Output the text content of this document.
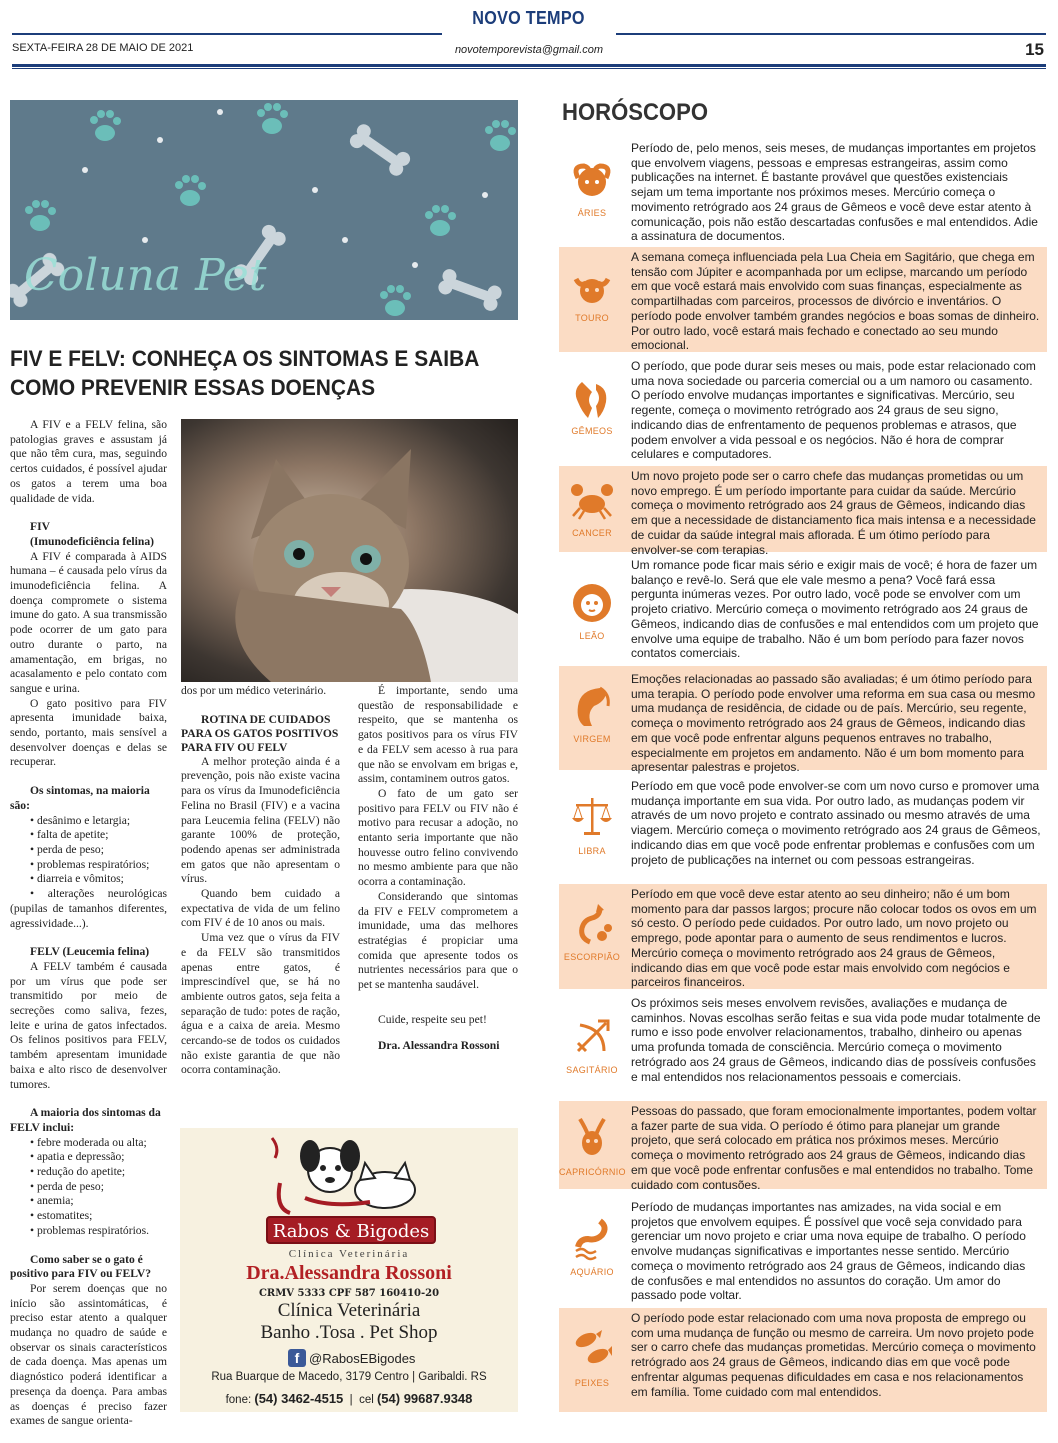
NOVO TEMPO
SEXTA-FEIRA 28 DE MAIO DE 2021	novotemporevista@gmail.com	15
Coluna Pet
FIV E FELV: CONHEÇA OS SINTOMAS E SAIBA COMO PREVENIR ESSAS DOENÇAS

A FIV e a FELV felina, são patologias graves e assustam já que não têm cura, mas, seguindo certos cuidados, é possível ajudar os gatos a terem uma boa qualidade de vida.

FIV
(Imunodeficiência felina)

A FIV é comparada à AIDS humana – é causada pelo vírus da imunodeficiência felina. A doença compromete o sistema imune do gato. A sua transmissão pode ocorrer de um gato para outro durante o parto, na amamentação, em brigas, no acasalamento e pelo contato com sangue e urina.

O gato positivo para FIV apresenta imunidade baixa, sendo, portanto, mais sensível a desenvolver doenças e delas se recuperar.

Os sintomas, na maioria são:
• desânimo e letargia;
• falta de apetite;
• perda de peso;
• problemas respiratórios;
• diarreia e vômitos;
• alterações neurológicas (pupilas de tamanhos diferentes, agressividade...).
FELV (Leucemia felina)

A FELV também é causada por um vírus que pode ser transmitido por meio de secreções como saliva, fezes, leite e urina de gatos infectados. Os felinos positivos para FELV, também apresentam imunidade baixa e alto risco de desenvolver tumores.

A maioria dos sintomas da FELV inclui:
• febre moderada ou alta;
• apatia e depressão;
• redução do apetite;
• perda de peso;
• anemia;
• estomatites;
• problemas respiratórios.
Como saber se o gato é positivo para FIV ou FELV?

Por serem doenças que no início são assintomáticas, é preciso estar atento a qualquer mudança no quadro de saúde e observar os sinais característicos de cada doença. Mas apenas um diagnóstico poderá identificar a presença da doença. Para ambas as doenças é preciso fazer exames de sangue orienta-

dos por um médico veterinário.

ROTINA DE CUIDADOS PARA OS GATOS POSITIVOS PARA FIV OU FELV

A melhor proteção ainda é a prevenção, pois não existe vacina para os vírus da Imunodeficiência Felina no Brasil (FIV) e a vacina para Leucemia felina (FELV) não garante 100% de proteção, podendo apenas ser administrada em gatos que não apresentam o vírus.

Quando bem cuidado a expectativa de vida de um felino com FIV é de 10 anos ou mais.

Uma vez que o vírus da FIV e da FELV são transmitidos apenas entre gatos, é imprescindível que, se há no ambiente outros gatos, seja feita a separação de tudo: potes de ração, água e a caixa de areia. Mesmo cercando-se de todos os cuidados não existe garantia de que não ocorra contaminação.

É importante, sendo uma questão de responsabilidade e respeito, que se mantenha os gatos positivos para os vírus FIV e da FELV sem acesso à rua para que não se envolvam em brigas e, assim, contaminem outros gatos.

O fato de um gato ser positivo para FELV ou FIV não é motivo para recusar a adoção, no entanto seria importante que não houvesse outro felino convivendo no mesmo ambiente para que não ocorra a contaminação.

Considerando que sintomas da FIV e FELV comprometem a imunidade, uma das melhores estratégias é propiciar uma comida que apresente todos os nutrientes necessários para que o pet se mantenha saudável.

Cuide, respeite seu pet!

Dra. Alessandra Rossoni

Rabos & Bigodes
Clínica Veterinária
Dra.Alessandra Rossoni
CRMV 5333 CPF 587 160410-20
Clínica Veterinária
Banho .Tosa . Pet Shop
f @RabosEBigodes
Rua Buarque de Macedo, 3179 Centro | Garibaldi. RS
fone: (54) 3462-4515  |  cel (54) 99687.9348
HORÓSCOPO
ÁRIES
Período de, pelo menos, seis meses, de mudanças importantes em projetos que envolvem viagens, pessoas e empresas estrangeiras, assim como publicações na internet. É bastante provável que questões existenciais sejam um tema importante nos próximos meses. Mercúrio começa o movimento retrógrado aos 24 graus de Gêmeos e você deve estar atento à comunicação, pois não estão descartadas confusões e mal entendidos. Adie a assinatura de documentos.
TOURO
A semana começa influenciada pela Lua Cheia em Sagitário, que chega em tensão com Júpiter e acompanhada por um eclipse, marcando um período em que você estará mais envolvido com suas finanças, especialmente as compartilhadas com parceiros, processos de divórcio e inventários. O período pode envolver também grandes negócios e boas somas de dinheiro. Por outro lado, você estará mais fechado e conectado ao seu mundo emocional.
GÊMEOS
O período, que pode durar seis meses ou mais, pode estar relacionado com uma nova sociedade ou parceria comercial ou a um namoro ou casamento. O período envolve mudanças importantes e significativas. Mercúrio, seu regente, começa o movimento retrógrado aos 24 graus de seu signo, indicando dias de enfrentamento de pequenos problemas e atrasos, que podem envolver a vida pessoal e os negócios. Não é hora de comprar celulares e computadores.
CANCER
Um novo projeto pode ser o carro chefe das mudanças prometidas ou um novo emprego. É um período importante para cuidar da saúde. Mercúrio começa o movimento retrógrado aos 24 graus de Gêmeos, indicando dias em que a necessidade de distanciamento fica mais intensa e a necessidade de cuidar da saúde integral mais aflorada. É um ótimo período para envolver-se com terapias.
LEÃO
Um romance pode ficar mais sério e exigir mais de você; é hora de fazer um balanço e revê-lo. Será que ele vale mesmo a pena? Você fará essa pergunta inúmeras vezes. Por outro lado, você pode se envolver com um projeto criativo. Mercúrio começa o movimento retrógrado aos 24 graus de Gêmeos, indicando dias de confusões e mal entendidos com um projeto que envolve uma equipe de trabalho. Não é um bom período para fazer novos contatos comerciais.
VIRGEM
Emoções relacionadas ao passado são avaliadas; é um ótimo período para uma terapia. O período pode envolver uma reforma em sua casa ou mesmo uma mudança de residência, de cidade ou de país. Mercúrio, seu regente, começa o movimento retrógrado aos 24 graus de Gêmeos, indicando dias em que você pode enfrentar alguns pequenos entraves no trabalho, especialmente em projetos em andamento. Não é um bom momento para apresentar palestras e projetos.
LIBRA
Período em que você pode envolver-se com um novo curso e promover uma mudança importante em sua vida. Por outro lado, as mudanças podem vir através de um novo projeto e contrato assinado ou mesmo através de uma viagem. Mercúrio começa o movimento retrógrado aos 24 graus de Gêmeos, indicando dias em que você pode enfrentar problemas e confusões com um projeto de publicações na internet ou com pessoas estrangeiras.
ESCORPIÃO
Período em que você deve estar atento ao seu dinheiro; não é um bom momento para dar passos largos; procure não colocar todos os ovos em um só cesto. O período pede cuidados. Por outro lado, um novo projeto ou emprego, pode apontar para o aumento de seus rendimentos e lucros. Mercúrio começa o movimento retrógrado aos 24 graus de Gêmeos, indicando dias em que você pode estar mais envolvido com negócios e parceiros financeiros.
SAGITÁRIO
Os próximos seis meses envolvem revisões, avaliações e mudança de caminhos. Novas escolhas serão feitas e sua vida pode mudar totalmente de rumo e isso pode envolver relacionamentos, trabalho, dinheiro ou apenas uma profunda tomada de consciência. Mercúrio começa o movimento retrógrado aos 24 graus de Gêmeos, indicando dias de possíveis confusões e mal entendidos nos relacionamentos pessoais e comerciais.
CAPRICÓRNIO
Pessoas do passado, que foram emocionalmente importantes, podem voltar a fazer parte de sua vida. O período é ótimo para planejar um grande projeto, que será colocado em prática nos próximos meses. Mercúrio começa o movimento retrógrado aos 24 graus de Gêmeos, indicando dias em que você pode enfrentar confusões e mal entendidos no trabalho. Tome cuidado com contusões.
AQUÁRIO
Período de mudanças importantes nas amizades, na vida social e em projetos que envolvem equipes. É possível que você seja convidado para gerenciar um novo projeto e criar uma nova equipe de trabalho. O período envolve mudanças significativas e importantes nesse sentido. Mercúrio começa o movimento retrógrado aos 24 graus de Gêmeos, indicando dias de confusões e mal entendidos no assuntos do coração. Um amor do passado pode voltar.
PEIXES
O período pode estar relacionado com uma nova proposta de emprego ou com uma mudança de função ou mesmo de carreira. Um novo projeto pode ser o carro chefe das mudanças prometidas. Mercúrio começa o movimento retrógrado aos 24 graus de Gêmeos, indicando dias em que você pode enfrentar algumas pequenas dificuldades em casa e nos relacionamentos em família. Tome cuidado com mal entendidos.
